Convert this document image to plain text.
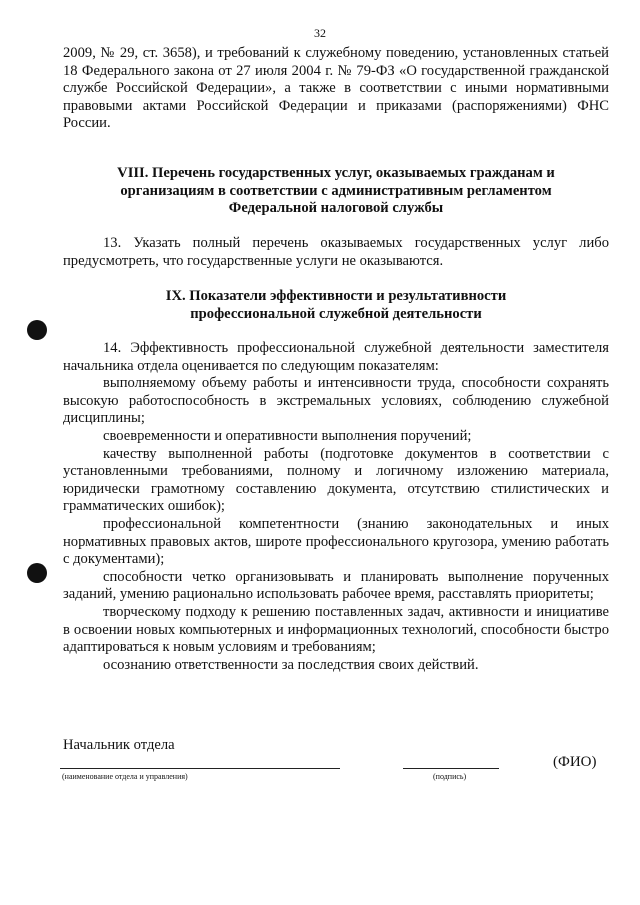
32

2009, № 29, ст. 3658), и требований к служебному поведению, установленных статьей 18 Федерального закона от 27 июля 2004 г. № 79-ФЗ «О государственной гражданской службе Российской Федерации», а также в соответствии с иными нормативными правовыми актами Российской Федерации и приказами (распоряжениями) ФНС России.

VIII. Перечень государственных услуг, оказываемых гражданам и
организациям в соответствии с административным регламентом
Федеральной налоговой службы

13. Указать полный перечень оказываемых государственных услуг либо предусмотреть, что государственные услуги не оказываются.

IX. Показатели эффективности и результативности
профессиональной служебной деятельности

14. Эффективность профессиональной служебной деятельности заместителя начальника отдела оценивается по следующим показателям:

выполняемому объему работы и интенсивности труда, способности сохранять высокую работоспособность в экстремальных условиях, соблюдению служебной дисциплины;

своевременности и оперативности выполнения поручений;

качеству выполненной работы (подготовке документов в соответствии с установленными требованиями, полному и логичному изложению материала, юридически грамотному составлению документа, отсутствию стилистических и грамматических ошибок);

профессиональной компетентности (знанию законодательных и иных нормативных правовых актов, широте профессионального кругозора, умению работать с документами);

способности четко организовывать и планировать выполнение порученных заданий, умению рационально использовать рабочее время, расставлять приоритеты;

творческому подходу к решению поставленных задач, активности и инициативе в освоении новых компьютерных и информационных технологий, способности быстро адаптироваться к новым условиям и требованиям;

осознанию ответственности за последствия своих действий.

Начальник отдела
(ФИО)
(наименование отдела и управления)	(подпись)
